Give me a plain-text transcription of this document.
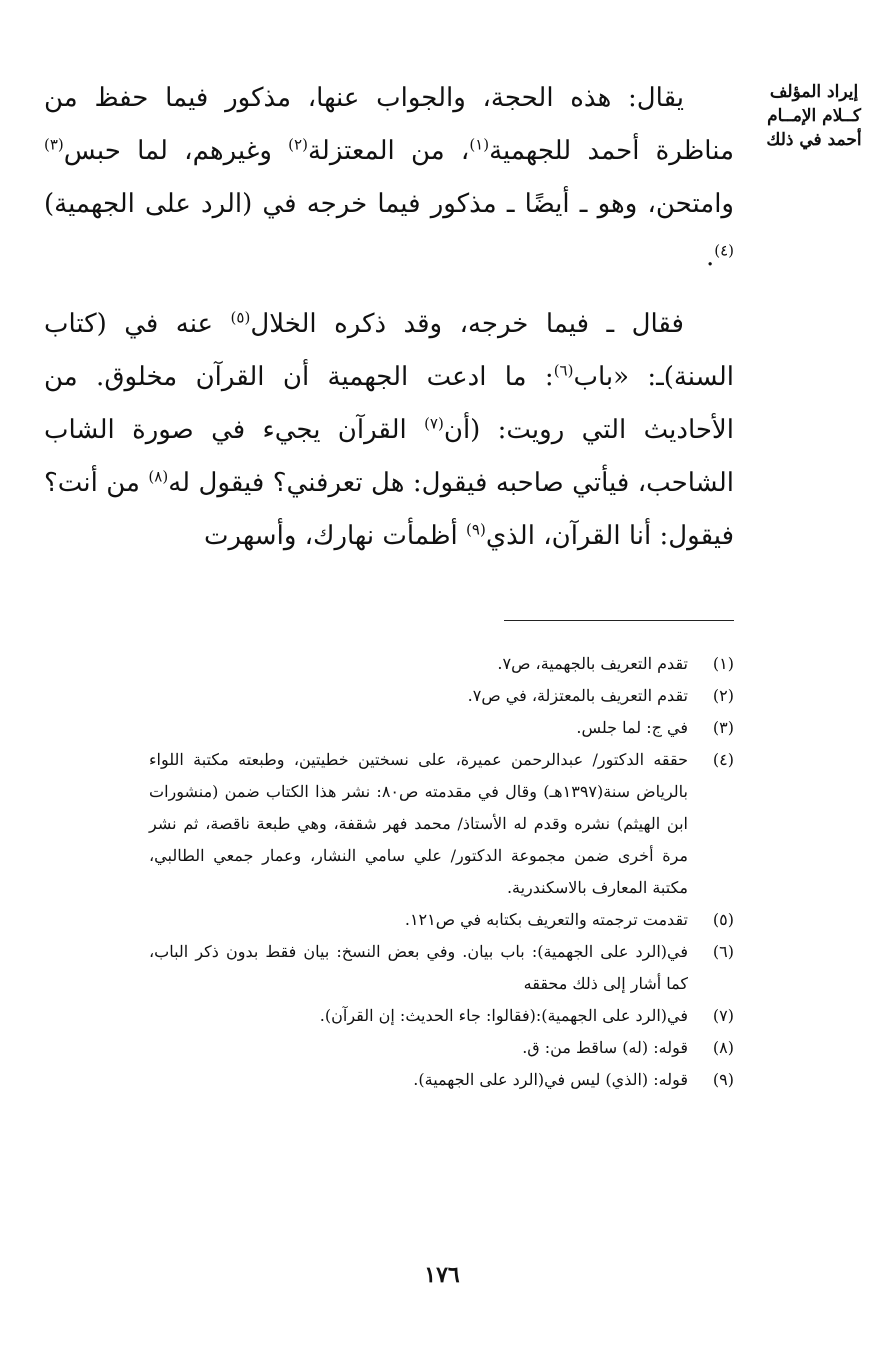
إيراد المؤلف
كــلام الإمــام
أحمد في ذلك

يقال: هذه الحجة، والجواب عنها، مذكور فيما حفظ من مناظرة أحمد للجهمية$^{(١)}$، من المعتزلة$^{(٢)}$ وغيرهم، لما حبس$^{(٣)}$ وامتحن، وهو ـ أيضًا ـ مذكور فيما خرجه في (الرد على الجهمية)$^{(٤)}$.

فقال ـ فيما خرجه، وقد ذكره الخلال$^{(٥)}$ عنه في (كتاب السنة)ـ: «باب$^{(٦)}$: ما ادعت الجهمية أن القرآن مخلوق. من الأحاديث التي رويت: (أن$^{(٧)}$ القرآن يجيء في صورة الشاب الشاحب، فيأتي صاحبه فيقول: هل تعرفني؟ فيقول له$^{(٨)}$ من أنت؟ فيقول: أنا القرآن، الذي$^{(٩)}$ أظمأت نهارك، وأسهرت

(١)
تقدم التعريف بالجهمية، ص٧.
(٢)
تقدم التعريف بالمعتزلة، في ص٧.
(٣)
في ج: لما جلس.
(٤)
حققه الدكتور/ عبدالرحمن عميرة، على نسختين خطيتين، وطبعته مكتبة اللواء بالرياض سنة(١٣٩٧هـ) وقال في مقدمته ص٨٠: نشر هذا الكتاب ضمن (منشورات ابن الهيثم) نشره وقدم له الأستاذ/ محمد فهر شقفة، وهي طبعة ناقصة، ثم نشر مرة أخرى ضمن مجموعة الدكتور/ علي سامي النشار، وعمار جمعي الطالبي، مكتبة المعارف بالاسكندرية.
(٥)
تقدمت ترجمته والتعريف بكتابه في ص١٢١.
(٦)
في(الرد على الجهمية): باب بيان. وفي بعض النسخ: بيان فقط بدون ذكر الباب، كما أشار إلى ذلك محققه
(٧)
في(الرد على الجهمية):(فقالوا: جاء الحديث: إن القرآن).
(٨)
قوله: (له) ساقط من: ق.
(٩)
قوله: (الذي) ليس في(الرد على الجهمية).
١٧٦
